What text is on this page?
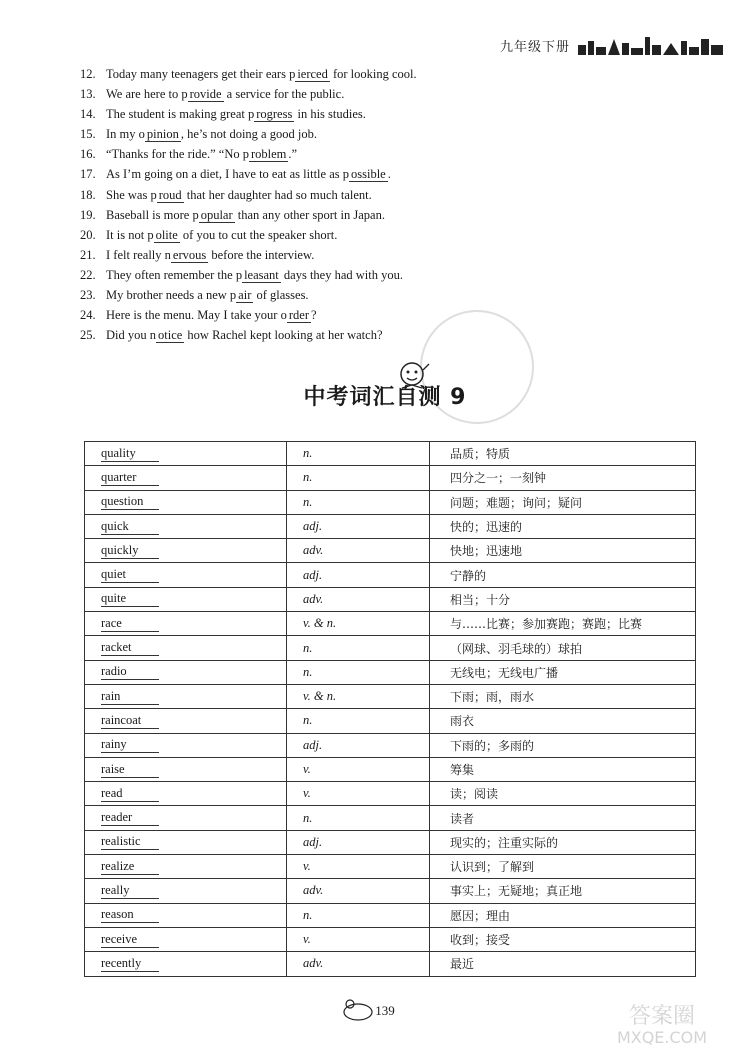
九年级下册
12. Today many teenagers get their ears p ierced for looking cool.
13. We are here to p rovide a service for the public.
14. The student is making great p rogress in his studies.
15. In my o pinion , he’s not doing a good job.
16. “Thanks for the ride.” “No p roblem .”
17. As I’m going on a diet, I have to eat as little as p ossible .
18. She was p roud that her daughter had so much talent.
19. Baseball is more p opular than any other sport in Japan.
20. It is not p olite of you to cut the speaker short.
21. I felt really n ervous before the interview.
22. They often remember the p leasant days they had with you.
23. My brother needs a new p air of glasses.
24. Here is the menu. May I take your o rder ?
25. Did you n otice how Rachel kept looking at her watch?
中考词汇自测 9
quality	n.	品质；特质
quarter	n.	四分之一；一刻钟
question	n.	问题；难题；询问；疑问
quick	adj.	快的；迅速的
quickly	adv.	快地；迅速地
quiet	adj.	宁静的
quite	adv.	相当；十分
race	v. & n.	与……比赛；参加赛跑；赛跑；比赛
racket	n.	（网球、羽毛球的）球拍
radio	n.	无线电；无线电广播
rain	v. & n.	下雨；雨，雨水
raincoat	n.	雨衣
rainy	adj.	下雨的；多雨的
raise	v.	筹集
read	v.	读；阅读
reader	n.	读者
realistic	adj.	现实的；注重实际的
realize	v.	认识到；了解到
really	adv.	事实上；无疑地；真正地
reason	n.	愿因；理由
receive	v.	收到；接受
recently	adv.	最近
139	答案圈
MXQE.COM
